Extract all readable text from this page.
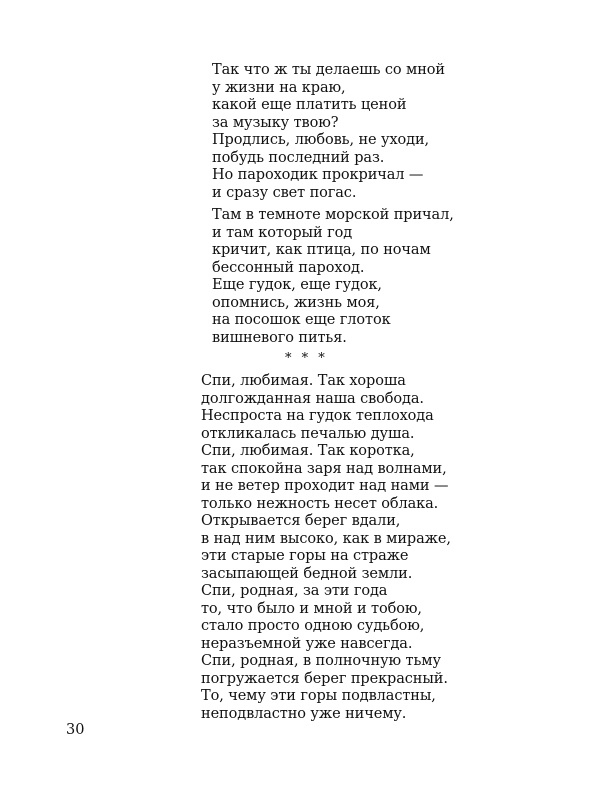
Так что ж ты делаешь со мной
у жизни на краю,
какой еще платить ценой
за музыку твою?
Продлись, любовь, не уходи,
побудь последний раз.
Но пароходик прокричал —
и сразу свет погас.
Там в темноте морской причал,
и там который год
кричит, как птица, по ночам
бессонный пароход.
Еще гудок, еще гудок,
опомнись, жизнь моя,
на посошок еще глоток
вишневого питья.
* * *
Спи, любимая. Так хороша
долгожданная наша свобода.
Неспроста на гудок теплохода
откликалась печалью душа.
Спи, любимая. Так коротка,
так спокойна заря над волнами,
и не ветер проходит над нами —
только нежность несет облака.
Открывается берег вдали,
в над ним высоко, как в мираже,
эти старые горы на страже
засыпающей бедной земли.
Спи, родная, за эти года
то, что было и мной и тобою,
стало просто одною судьбою,
неразъемной уже навсегда.
Спи, родная, в полночную тьму
погружается берег прекрасный.
То, чему эти горы подвластны,
неподвластно уже ничему.
30
